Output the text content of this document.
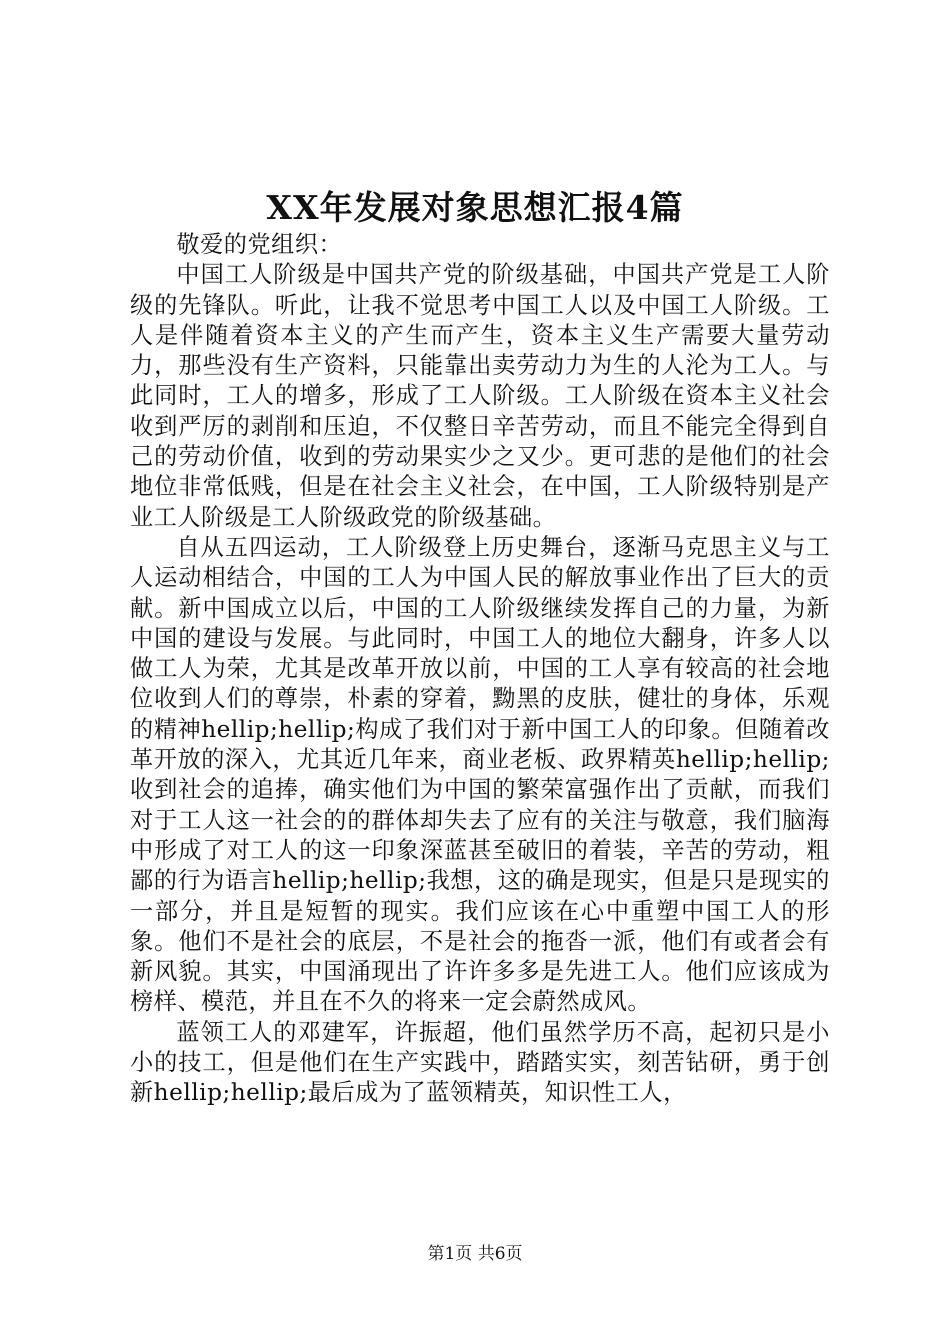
XX年发展对象思想汇报4篇

敬爱的党组织：

中国工人阶级是中国共产党的阶级基础，中国共产党是工人阶级的先锋队。听此，让我不觉思考中国工人以及中国工人阶级。工人是伴随着资本主义的产生而产生，资本主义生产需要大量劳动力，那些没有生产资料，只能靠出卖劳动力为生的人沦为工人。与此同时，工人的增多，形成了工人阶级。工人阶级在资本主义社会收到严厉的剥削和压迫，不仅整日辛苦劳动，而且不能完全得到自己的劳动价值，收到的劳动果实少之又少。更可悲的是他们的社会地位非常低贱，但是在社会主义社会，在中国，工人阶级特别是产业工人阶级是工人阶级政党的阶级基础。

自从五四运动，工人阶级登上历史舞台，逐渐马克思主义与工人运动相结合，中国的工人为中国人民的解放事业作出了巨大的贡献。新中国成立以后，中国的工人阶级继续发挥自己的力量，为新中国的建设与发展。与此同时，中国工人的地位大翻身，许多人以做工人为荣，尤其是改革开放以前，中国的工人享有较高的社会地位收到人们的尊崇，朴素的穿着，黝黑的皮肤，健壮的身体，乐观的精神hellip;hellip;构成了我们对于新中国工人的印象。但随着改革开放的深入，尤其近几年来，商业老板、政界精英hellip;hellip;收到社会的追捧，确实他们为中国的繁荣富强作出了贡献，而我们对于工人这一社会的的群体却失去了应有的关注与敬意，我们脑海中形成了对工人的这一印象深蓝甚至破旧的着装，辛苦的劳动，粗鄙的行为语言hellip;hellip;我想，这的确是现实，但是只是现实的一部分，并且是短暂的现实。我们应该在心中重塑中国工人的形象。他们不是社会的底层，不是社会的拖沓一派，他们有或者会有新风貌。其实，中国涌现出了许许多多是先进工人。他们应该成为榜样、模范，并且在不久的将来一定会蔚然成风。

蓝领工人的邓建军，许振超，他们虽然学历不高，起初只是小小的技工，但是他们在生产实践中，踏踏实实，刻苦钻研，勇于创新hellip;hellip;最后成为了蓝领精英，知识性工人，

第1页 共6页
